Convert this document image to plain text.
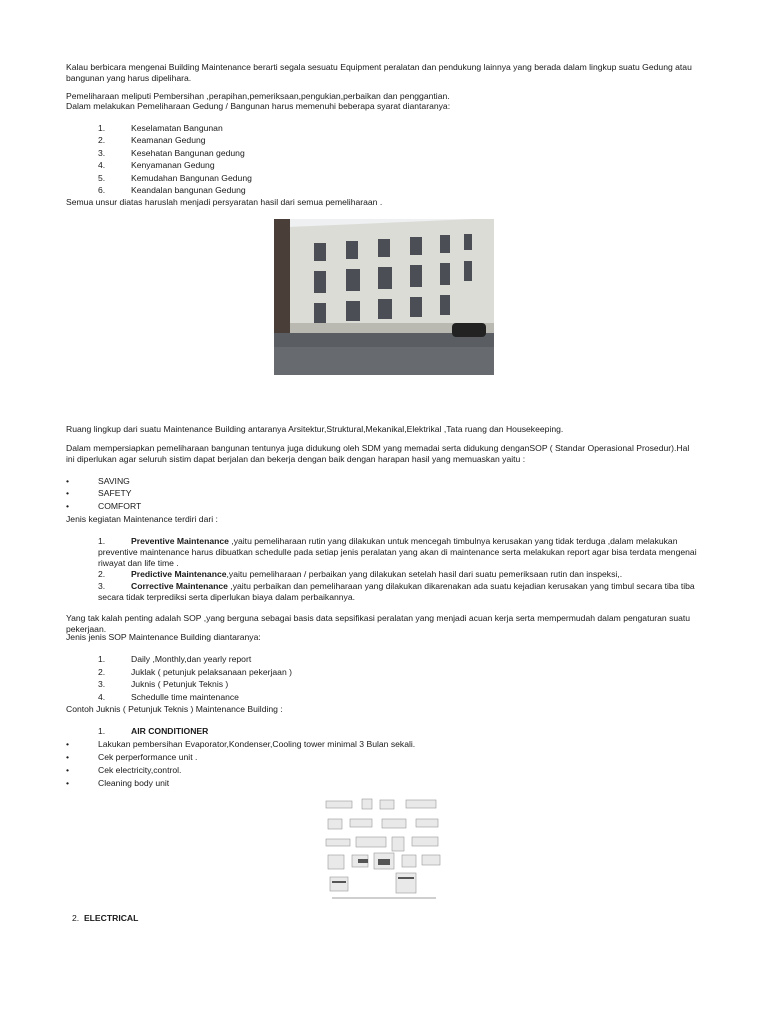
Kalau berbicara mengenai Building Maintenance berarti segala sesuatu Equipment peralatan dan pendukung lainnya yang berada dalam lingkup suatu Gedung atau bangunan yang harus dipelihara.

Pemeliharaan meliputi Pembersihan ,perapihan,pemeriksaan,pengukian,perbaikan dan penggantian.

Dalam melakukan Pemeliharaan Gedung / Bangunan harus memenuhi beberapa syarat diantaranya:

1.	Keselamatan Bangunan
2.	Keamanan Gedung
3.	Kesehatan Bangunan gedung
4.	Kenyamanan Gedung
5.	Kemudahan Bangunan Gedung
6.	Keandalan bangunan Gedung

Semua unsur diatas haruslah menjadi persyaratan hasil dari semua pemeliharaan .

Ruang lingkup dari suatu Maintenance Building antaranya Arsitektur,Struktural,Mekanikal,Elektrikal ,Tata ruang dan Housekeeping.

Dalam mempersiapkan pemeliharaan bangunan tentunya juga didukung oleh SDM yang memadai serta didukung denganSOP ( Standar Operasional Prosedur).Hal ini diperlukan agar seluruh sistim dapat berjalan dan bekerja dengan baik dengan harapan hasil yang memuaskan yaitu :

•	SAVING
•	SAFETY
•	COMFORT

Jenis kegiatan Maintenance terdiri dari :

1.	Preventive Maintenance ,yaitu pemeliharaan rutin yang dilakukan untuk mencegah timbulnya kerusakan yang tidak terduga ,dalam melakukan preventive maintenance harus dibuatkan schedulle pada setiap jenis peralatan yang akan di maintenance serta melakukan report agar bisa terdata mengenai riwayat dan life time .
2.	Predictive Maintenance,yaitu pemeliharaan / perbaikan yang dilakukan setelah hasil dari suatu pemeriksaan rutin dan inspeksi,.
3.	Corrective Maintenance ,yaitu perbaikan dan pemeliharaan yang dilakukan dikarenakan ada suatu kejadian kerusakan yang timbul secara tiba tiba secara tidak terprediksi serta diperlukan biaya dalam perbaikannya.

Yang tak kalah penting adalah SOP ,yang berguna sebagai basis data sepsifikasi peralatan yang menjadi acuan kerja serta mempermudah dalam pengaturan suatu pekerjaan.

Jenis jenis SOP Maintenance Building diantaranya:

1.	Daily ,Monthly,dan yearly report
2.	Juklak ( petunjuk pelaksanaan pekerjaan )
3.	Juknis ( Petunjuk Teknis )
4.	Schedulle time maintenance

Contoh Juknis ( Petunjuk Teknis ) Maintenance Building :

1.	AIR CONDITIONER
•	Lakukan pembersihan Evaporator,Kondenser,Cooling tower minimal 3 Bulan sekali.
•	Cek perperformance unit .
•	Cek electricity,control.
•	Cleaning body unit
2. ELECTRICAL
